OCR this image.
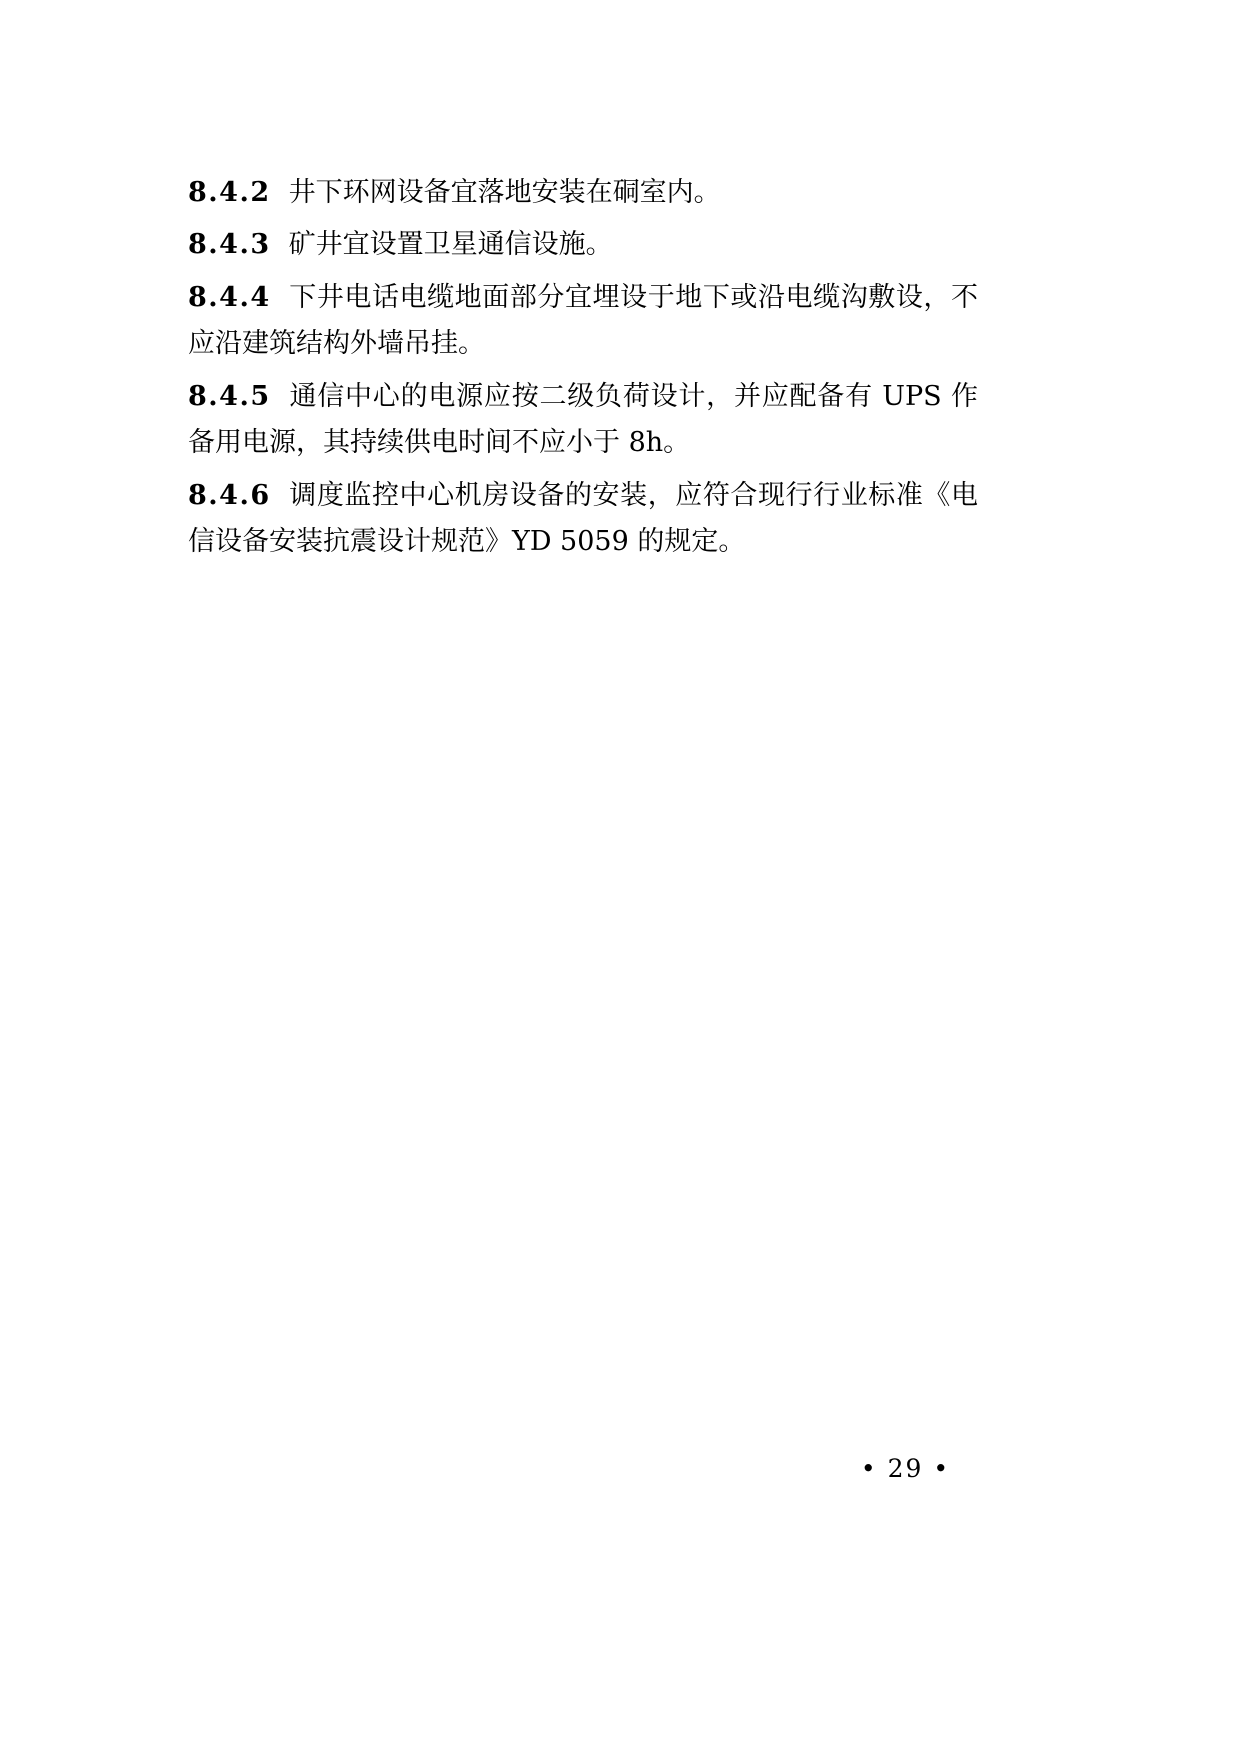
8.4.2 井下环网设备宜落地安装在硐室内。

8.4.3 矿井宜设置卫星通信设施。

8.4.4 下井电话电缆地面部分宜埋设于地下或沿电缆沟敷设，不应沿建筑结构外墙吊挂。

8.4.5 通信中心的电源应按二级负荷设计，并应配备有 UPS 作备用电源，其持续供电时间不应小于 8h。

8.4.6 调度监控中心机房设备的安装，应符合现行行业标准《电信设备安装抗震设计规范》YD 5059 的规定。

• 29 •
